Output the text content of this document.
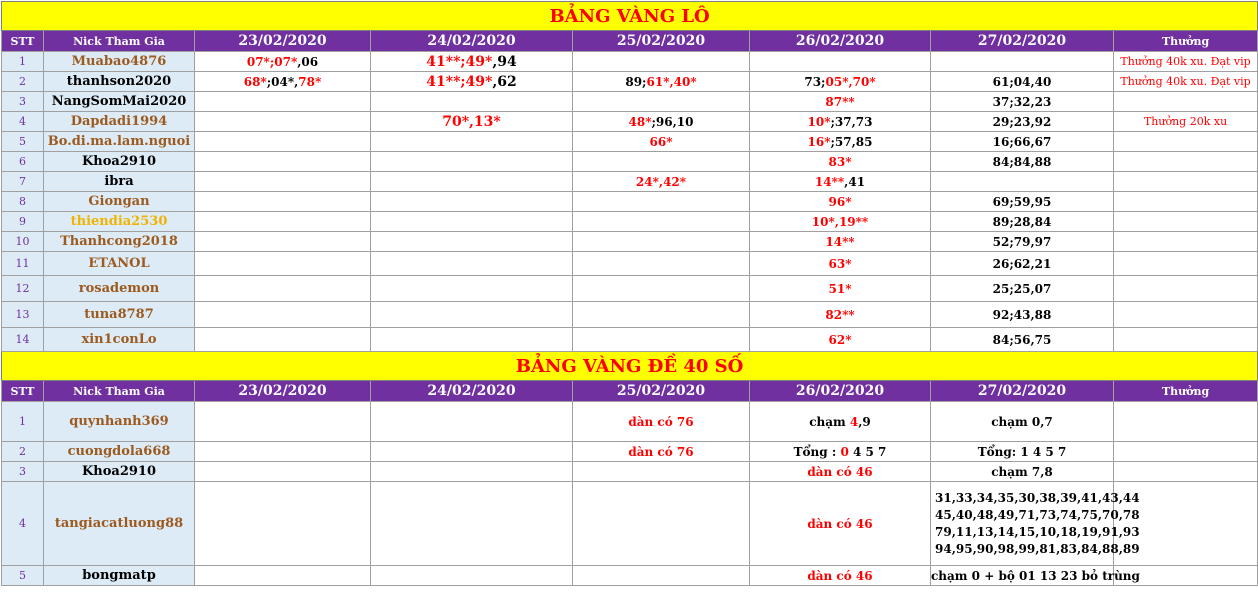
BẢNG VÀNG LÔ							
STT	Nick Tham Gia	23/02/2020	24/02/2020	25/02/2020	26/02/2020	27/02/2020	Thưởng
1	Muabao4876	07*;07*,06	41**;49*,94				Thưởng 40k xu. Đạt vip
2	thanhson2020	68*;04*,78*	41**;49*,62	89;61*,40*	73;05*,70*	61;04,40	Thưởng 40k xu. Đạt vip
3	NangSomMai2020				87**	37;32,23	
4	Dapdadi1994		70*,13*	48*;96,10	10*;37,73	29;23,92	Thưởng 20k xu
5	Bo.di.ma.lam.nguoi			66*	16*;57,85	16;66,67	
6	Khoa2910				83*	84;84,88	
7	ibra			24*,42*	14**,41		
8	Giongan				96*	69;59,95	
9	thiendia2530				10*,19**	89;28,84	
10	Thanhcong2018				14**	52;79,97	
11	ETANOL				63*	26;62,21	
12	rosademon				51*	25;25,07	
13	tuna8787				82**	92;43,88	
14	xin1conLo				62*	84;56,75	
BẢNG VÀNG ĐỀ 40 SỐ							
STT	Nick Tham Gia	23/02/2020	24/02/2020	25/02/2020	26/02/2020	27/02/2020	Thưởng
1	quynhanh369			dàn có 76	chạm 4,9	chạm 0,7	
2	cuongdola668			dàn có 76	Tổng : 0 4 5 7	Tổng: 1 4 5 7	
3	Khoa2910				dàn có 46	chạm 7,8	
4	tangiacatluong88				dàn có 46	31,33,34,35,30,38,39,41,43,44
45,40,48,49,71,73,74,75,70,78
79,11,13,14,15,10,18,19,91,93
94,95,90,98,99,81,83,84,88,89	

5	bongmatp				dàn có 46	chạm 0 + bộ 01 13 23 bỏ trùng	
